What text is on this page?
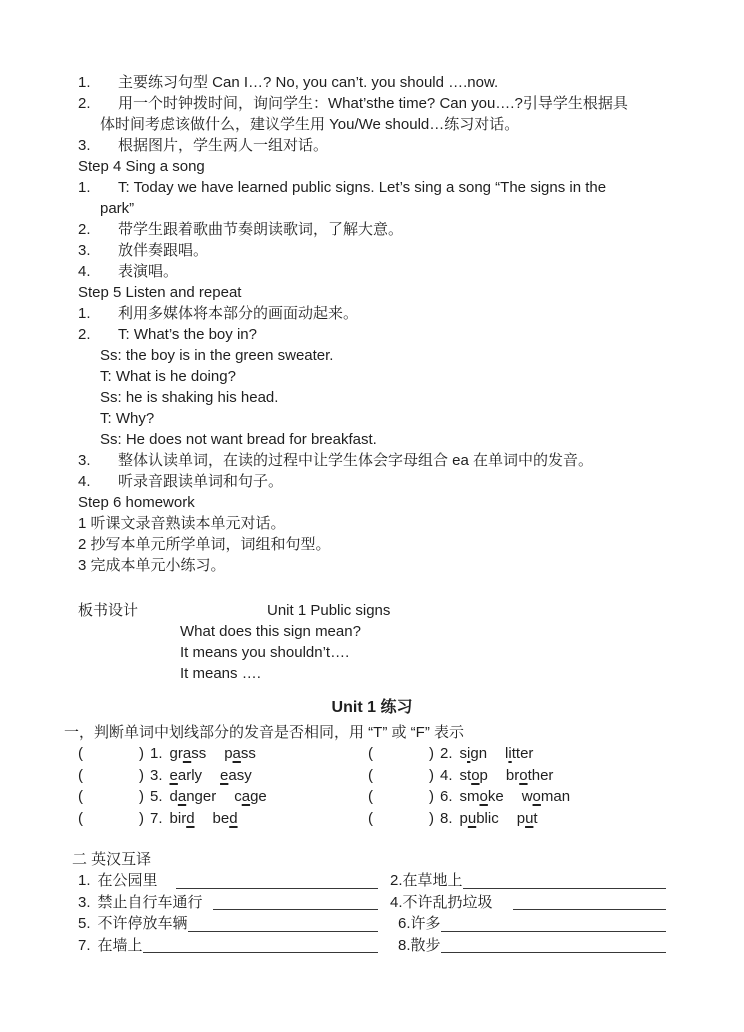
1.	主要练习句型 Can I…? No, you can’t. you should ….now.
2.	用一个时钟拨时间，询问学生：What’sthe time? Can you….?引导学生根据具
体时间考虑该做什么，建议学生用 You/We should…练习对话。
3.	根据图片，学生两人一组对话。
Step 4 Sing a song
1.	T: Today we have learned public signs. Let’s sing a song “The signs in the
park”
2.	带学生跟着歌曲节奏朗读歌词，了解大意。
3.	放伴奏跟唱。
4.	表演唱。
Step 5 Listen and repeat
1.	利用多媒体将本部分的画面动起来。
2.	T: What’s the boy in?
Ss: the boy is in the green sweater.
T: What is he doing?
Ss: he is shaking his head.
T: Why?
Ss: He does not want bread for breakfast.
3.	整体认读单词，在读的过程中让学生体会字母组合 ea 在单词中的发音。
4.	听录音跟读单词和句子。
Step 6 homework
1 听课文录音熟读本单元对话。
2 抄写本单元所学单词，词组和句型。
3 完成本单元小练习。
板书设计	Unit 1 Public signs
What does this sign mean?
It means you shouldn’t….
It means ….
Unit 1 练习
一，判断单词中划线部分的发音是否相同，用 “T” 或 “F” 表示
(	) 1. grass pass	(	) 2. sign litter
(	) 3. early easy	(	) 4. stop brother
(	) 5. danger cage	(	) 6. smoke woman
(	) 7. bird bed	(	) 8. public put
二 英汉互译
1. 在公园里	2. 在草地上
3. 禁止自行车通行	4. 不许乱扔垃圾
5. 不许停放车辆	6. 许多
7. 在墙上	8. 散步
